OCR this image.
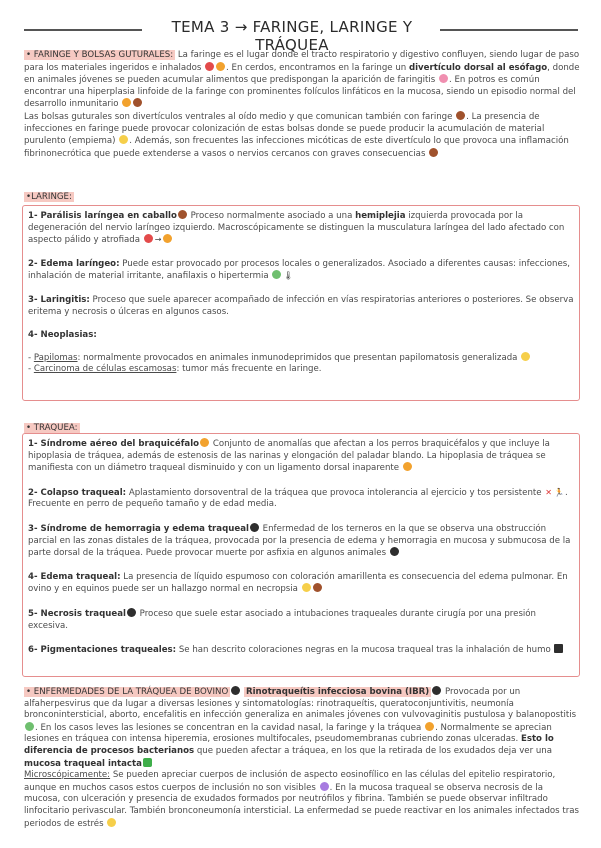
TEMA 3 → FARINGE, LARINGE Y TRÁQUEA

• FARINGE Y BOLSAS GUTURALES: La faringe es el lugar donde el tracto respiratorio y digestivo confluyen, siendo lugar de paso para los materiales ingeridos e inhalados	. En cerdos, encontramos en la faringe un divertículo dorsal al esófago, donde en animales jóvenes se pueden acumular alimentos que predispongan la aparición de faringitis . En potros es común encontrar una hiperplasia linfoide de la faringe con prominentes folículos linfáticos en la mucosa, siendo un episodio normal del desarrollo inmunitario

Las bolsas guturales son divertículos ventrales al oído medio y que comunican también con faringe . La presencia de infecciones en faringe puede provocar colonización de estas bolsas donde se puede producir la acumulación de material purulento (empiema) . Además, son frecuentes las infecciones micóticas de este divertículo lo que provoca una inflamación fibrinonecrótica que puede extenderse a vasos o nervios cercanos con graves consecuencias

•LARINGE:

1- Parálisis laríngea en caballo Proceso normalmente asociado a una hemiplejia izquierda provocada por la degeneración del nervio laríngeo izquierdo. Macroscópicamente se distinguen la musculatura laríngea del lado afectado con aspecto pálido y atrofiada →

2- Edema laríngeo: Puede estar provocado por procesos locales o generalizados. Asociado a diferentes causas: infecciones, inhalación de material irritante, anafilaxis o hipertermia 🌡

3- Laringitis: Proceso que suele aparecer acompañado de infección en vías respiratorias anteriores o posteriores. Se observa eritema y necrosis o úlceras en algunos casos.

4- Neoplasias:

- Papilomas: normalmente provocados en animales inmunodeprimidos que presentan papilomatosis generalizada
- Carcinoma de células escamosas: tumor más frecuente en laringe.
• TRAQUEA:

1- Síndrome aéreo del braquicéfalo Conjunto de anomalías que afectan a los perros braquicéfalos y que incluye la hipoplasia de tráquea, además de estenosis de las narinas y elongación del paladar blando. La hipoplasia de tráquea se manifiesta con un diámetro traqueal disminuido y con un ligamento dorsal inaparente

2- Colapso traqueal: Aplastamiento dorsoventral de la tráquea que provoca intolerancia al ejercicio y tos persistente ✕ 🏃. Frecuente en perro de pequeño tamaño y de edad media.

3- Síndrome de hemorragia y edema traqueal Enfermedad de los terneros en la que se observa una obstrucción parcial en las zonas distales de la tráquea, provocada por la presencia de edema y hemorragia en mucosa y submucosa de la parte dorsal de la tráquea. Puede provocar muerte por asfixia en algunos animales

4- Edema traqueal: La presencia de líquido espumoso con coloración amarillenta es consecuencia del edema pulmonar. En ovino y en equinos puede ser un hallazgo normal en necropsia

5- Necrosis traqueal Proceso que suele estar asociado a intubaciones traqueales durante cirugía por una presión excesiva.

6- Pigmentaciones traqueales: Se han descrito coloraciones negras en la mucosa traqueal tras la inhalación de humo

• ENFERMEDADES DE LA TRÁQUEA DE BOVINO Rinotraqueítis infecciosa bovina (IBR) Provocada por un alfaherpesvirus que da lugar a diversas lesiones y sintomatologías: rinotraqueítis, queratoconjuntivitis, neumonía bronconintersticial, aborto, encefalitis en infección generaliza en animales jóvenes con vulvovaginitis pustulosa y balanopostitis . En los casos leves las lesiones se concentran en la cavidad nasal, la faringe y la tráquea . Normalmente se aprecian lesiones en tráquea con intensa hiperemia, erosiones multifocales, pseudomembranas cubriendo zonas ulceradas. Esto lo diferencia de procesos bacterianos que pueden afectar a tráquea, en los que la retirada de los exudados deja ver una mucosa traqueal intacta

Microscópicamente: Se pueden apreciar cuerpos de inclusión de aspecto eosinofílico en las células del epitelio respiratorio, aunque en muchos casos estos cuerpos de inclusión no son visibles . En la mucosa traqueal se observa necrosis de la mucosa, con ulceración y presencia de exudados formados por neutrófilos y fibrina. También se puede observar infiltrado linfocitario perivascular. También bronconeumonía intersticial. La enfermedad se puede reactivar en los animales infectados tras periodos de estrés
